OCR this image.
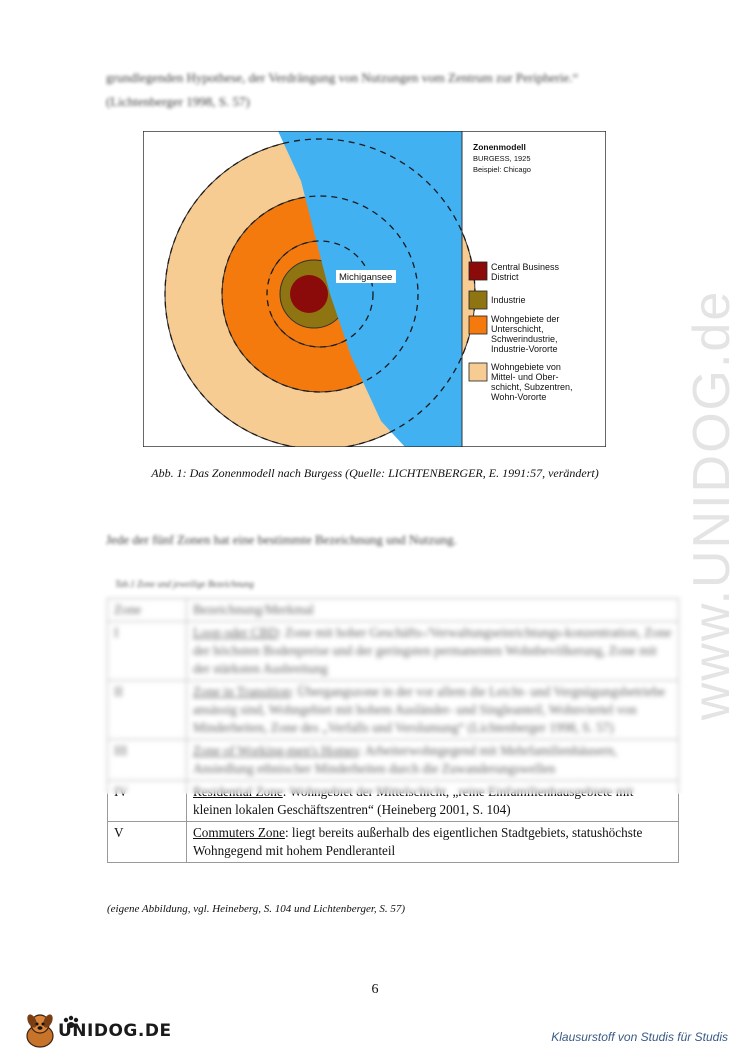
www.UNIDOG.de

grundlegenden Hypothese, der Verdrängung von Nutzungen vom Zentrum zur Peripherie.“

(Lichtenberger 1998, S. 57)

Zonenmodell
BURGESS, 1925
Beispiel: Chicago
Michigansee
Central Business
District
Industrie
Wohngebiete der
Unterschicht,
Schwerindustrie,
Industrie-Vororte
Wohngebiete von
Mittel- und Ober-
schicht, Subzentren,
Wohn-Vororte
Abb. 1: Das Zonenmodell nach Burgess (Quelle: LICHTENBERGER, E. 1991:57, verändert)
Jede der fünf Zonen hat eine bestimmte Bezeichnung und Nutzung.
Tab.1 Zone und jeweilige Bezeichnung
Zone	Bezeichnung/Merkmal
I	Loop oder CBD: Zone mit hoher Geschäfts-/Verwaltungseinrichtungs-konzentration, Zone der höchsten Bodenpreise und der geringsten permanenten Wohnbevölkerung, Zone mit der stärksten Ausbreitung
II	Zone in Transition: Übergangszone in der vor allem die Leicht- und Vergnügungsbetriebe ansässig sind, Wohngebiet mit hohem Ausländer- und Singleanteil, Wohnviertel von Minderheiten, Zone des „Verfalls und Verslumung“ (Lichtenberger 1998, S. 57)
III	Zone of Working-men's Homes: Arbeiterwohngegend mit Mehrfamilienhäusern, Ansiedlung ethnischer Minderheiten durch die Zuwanderungswellen
IV	Residential Zone: Wohngebiet der Mittelschicht, „reine Einfamilienhausgebiete mit kleinen lokalen Geschäftszentren“ (Heineberg 2001, S. 104)
V	Commuters Zone: liegt bereits außerhalb des eigentlichen Stadtgebiets, statushöchste Wohngegend mit hohem Pendleranteil
(eigene Abbildung, vgl. Heineberg, S. 104 und Lichtenberger, S. 57)
6
UNIDOG.DE	Klausurstoff von Studis für Studis
